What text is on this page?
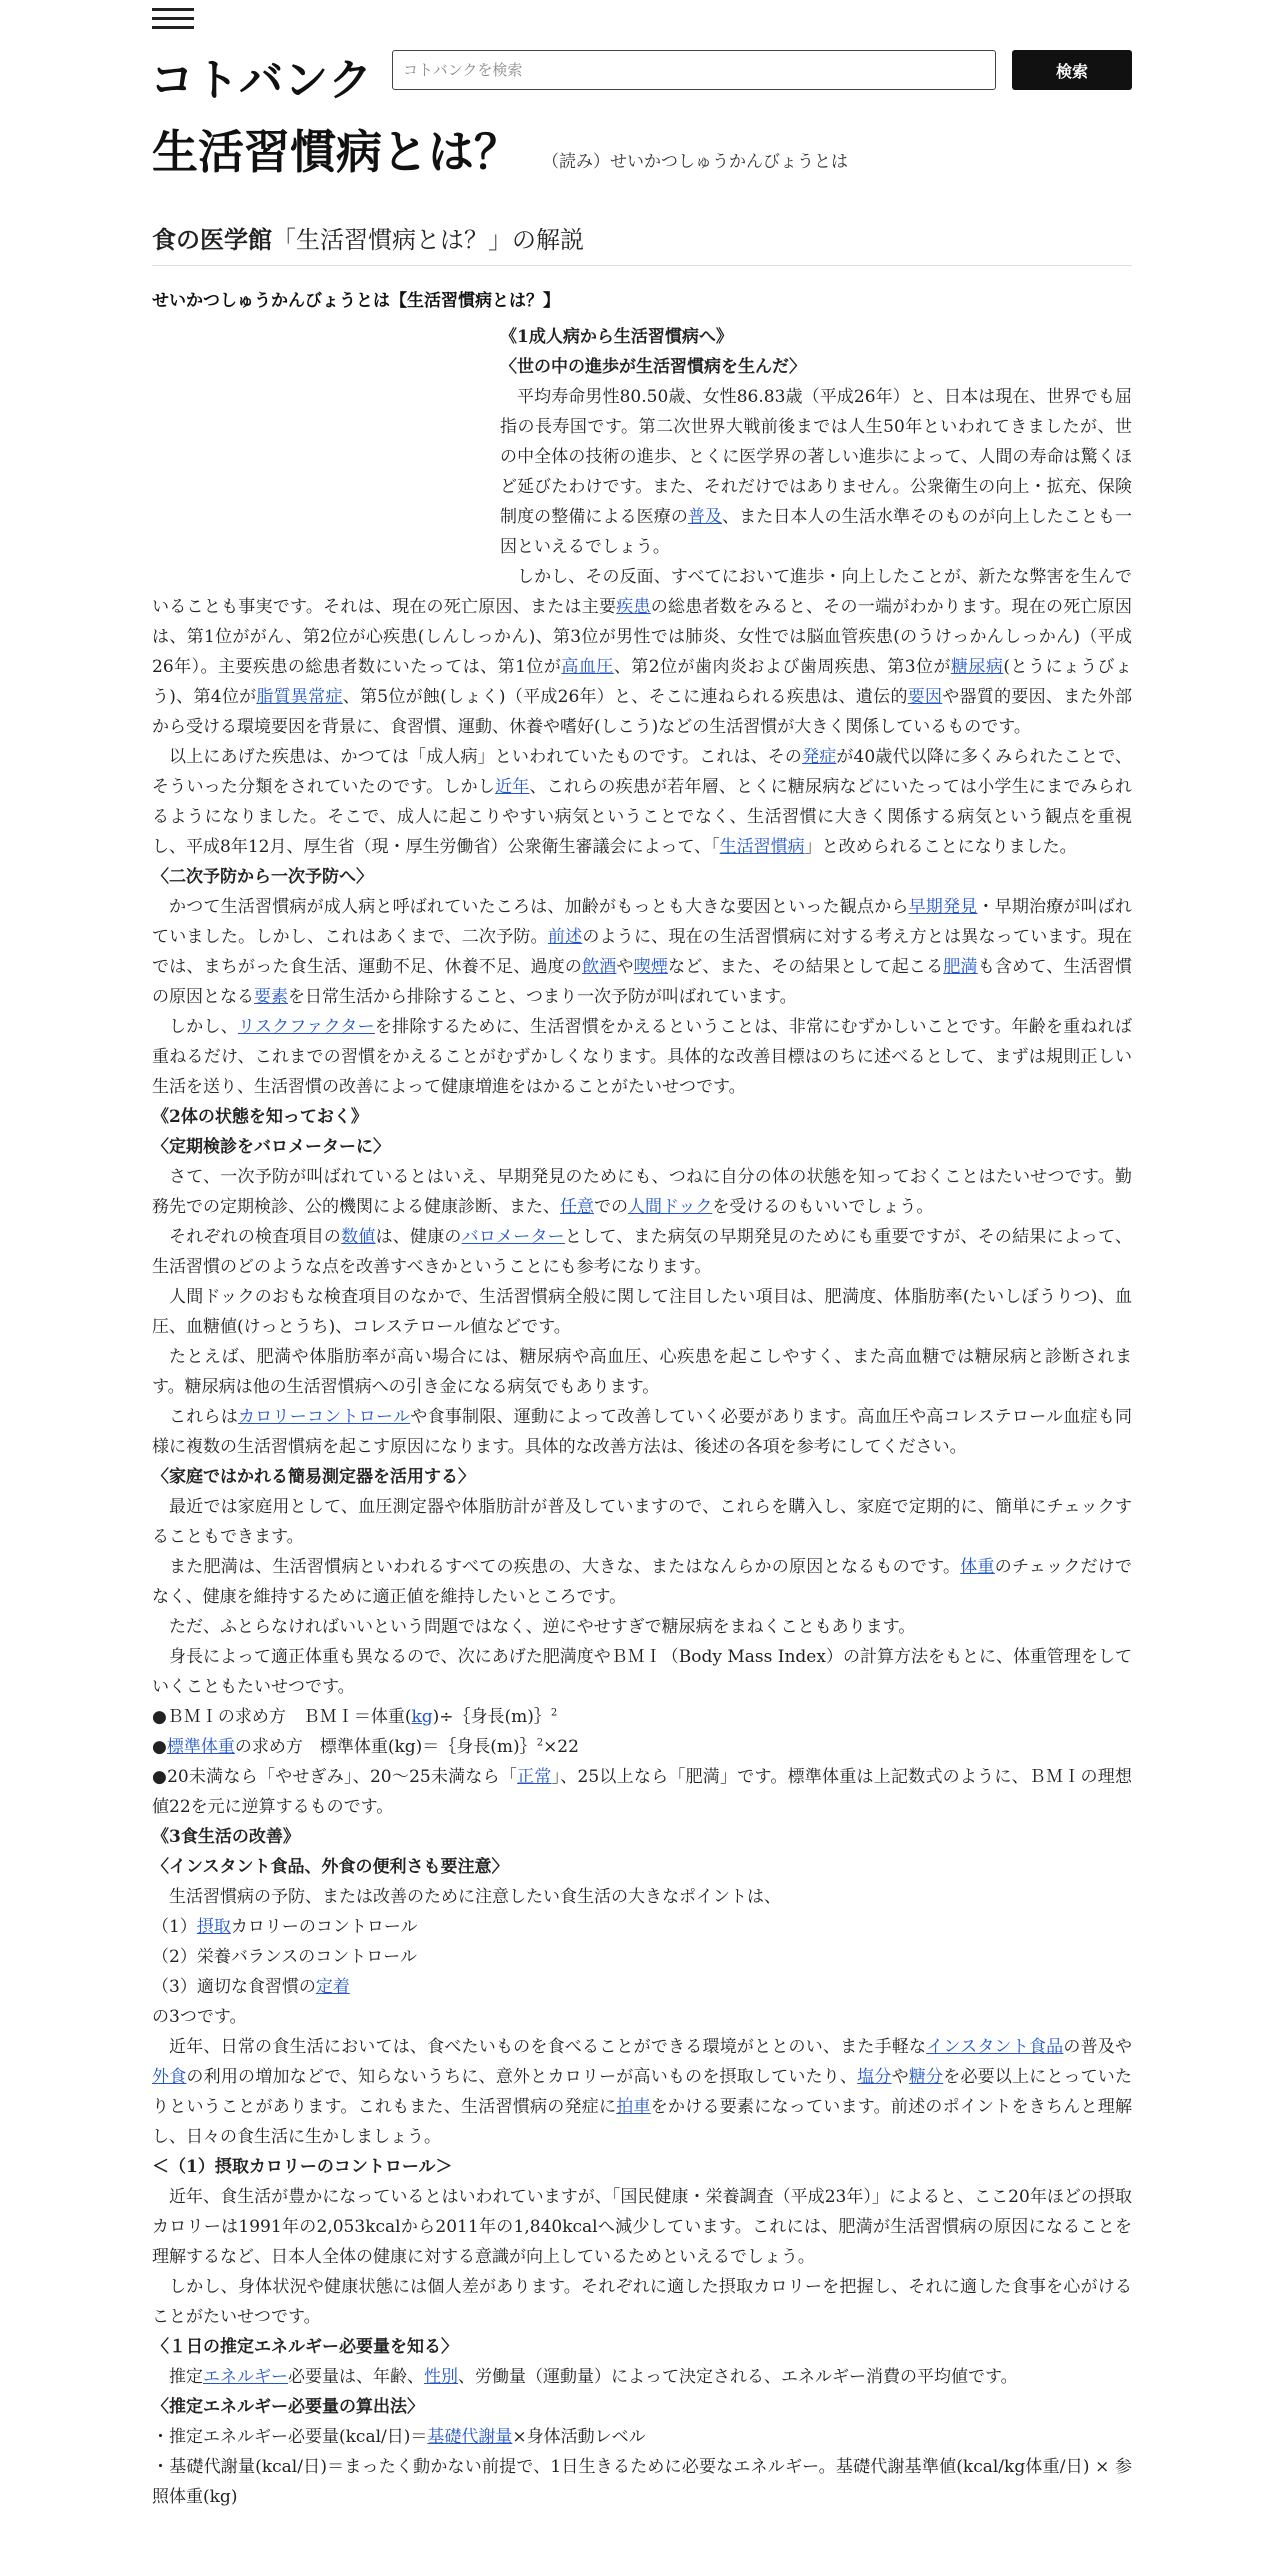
コトバンク
コトバンクを検索	検索
生活習慣病とは？ （読み）せいかつしゅうかんびょうとは
食の医学館「生活習慣病とは？」の解説
せいかつしゅうかんびょうとは【生活習慣病とは？】

《1成人病から生活習慣病へ》

〈世の中の進歩が生活習慣病を生んだ〉

平均寿命男性80.50歳、女性86.83歳（平成26年）と、日本は現在、世界でも屈指の長寿国です。第二次世界大戦前後までは人生50年といわれてきましたが、世の中全体の技術の進歩、とくに医学界の著しい進歩によって、人間の寿命は驚くほど延びたわけです。また、それだけではありません。公衆衛生の向上・拡充、保険制度の整備による医療の普及、また日本人の生活水準そのものが向上したことも一因といえるでしょう。

しかし、その反面、すべてにおいて進歩・向上したことが、新たな弊害を生んでいることも事実です。それは、現在の死亡原因、または主要疾患の総患者数をみると、その一端がわかります。現在の死亡原因は、第1位ががん、第2位が心疾患(しんしっかん)、第3位が男性では肺炎、女性では脳血管疾患(のうけっかんしっかん)（平成26年）。主要疾患の総患者数にいたっては、第1位が高血圧、第2位が歯肉炎および歯周疾患、第3位が糖尿病(とうにょうびょう)、第4位が脂質異常症、第5位が蝕(しょく)（平成26年）と、そこに連ねられる疾患は、遺伝的要因や器質的要因、また外部から受ける環境要因を背景に、食習慣、運動、休養や嗜好(しこう)などの生活習慣が大きく関係しているものです。

以上にあげた疾患は、かつては「成人病」といわれていたものです。これは、その発症が40歳代以降に多くみられたことで、そういった分類をされていたのです。しかし近年、これらの疾患が若年層、とくに糖尿病などにいたっては小学生にまでみられるようになりました。そこで、成人に起こりやすい病気ということでなく、生活習慣に大きく関係する病気という観点を重視し、平成8年12月、厚生省（現・厚生労働省）公衆衛生審議会によって、「生活習慣病」と改められることになりました。

〈二次予防から一次予防へ〉

かつて生活習慣病が成人病と呼ばれていたころは、加齢がもっとも大きな要因といった観点から早期発見・早期治療が叫ばれていました。しかし、これはあくまで、二次予防。前述のように、現在の生活習慣病に対する考え方とは異なっています。現在では、まちがった食生活、運動不足、休養不足、過度の飲酒や喫煙など、また、その結果として起こる肥満も含めて、生活習慣の原因となる要素を日常生活から排除すること、つまり一次予防が叫ばれています。

しかし、リスクファクターを排除するために、生活習慣をかえるということは、非常にむずかしいことです。年齢を重ねれば重ねるだけ、これまでの習慣をかえることがむずかしくなります。具体的な改善目標はのちに述べるとして、まずは規則正しい生活を送り、生活習慣の改善によって健康増進をはかることがたいせつです。

《2体の状態を知っておく》

〈定期検診をバロメーターに〉

さて、一次予防が叫ばれているとはいえ、早期発見のためにも、つねに自分の体の状態を知っておくことはたいせつです。勤務先での定期検診、公的機関による健康診断、また、任意での人間ドックを受けるのもいいでしょう。

それぞれの検査項目の数値は、健康のバロメーターとして、また病気の早期発見のためにも重要ですが、その結果によって、生活習慣のどのような点を改善すべきかということにも参考になります。

人間ドックのおもな検査項目のなかで、生活習慣病全般に関して注目したい項目は、肥満度、体脂肪率(たいしぼうりつ)、血圧、血糖値(けっとうち)、コレステロール値などです。

たとえば、肥満や体脂肪率が高い場合には、糖尿病や高血圧、心疾患を起こしやすく、また高血糖では糖尿病と診断されます。糖尿病は他の生活習慣病への引き金になる病気でもあります。

これらはカロリーコントロールや食事制限、運動によって改善していく必要があります。高血圧や高コレステロール血症も同様に複数の生活習慣病を起こす原因になります。具体的な改善方法は、後述の各項を参考にしてください。

〈家庭ではかれる簡易測定器を活用する〉

最近では家庭用として、血圧測定器や体脂肪計が普及していますので、これらを購入し、家庭で定期的に、簡単にチェックすることもできます。

また肥満は、生活習慣病といわれるすべての疾患の、大きな、またはなんらかの原因となるものです。体重のチェックだけでなく、健康を維持するために適正値を維持したいところです。

ただ、ふとらなければいいという問題ではなく、逆にやせすぎで糖尿病をまねくこともあります。

身長によって適正体重も異なるので、次にあげた肥満度やＢＭＩ（Body Mass Index）の計算方法をもとに、体重管理をしていくこともたいせつです。

●ＢＭＩの求め方　ＢＭＩ＝体重(kg)÷｛身長(m)｝$^2$

●標準体重の求め方　標準体重(kg)＝｛身長(m)｝$^2$×22

●20未満なら「やせぎみ」、20～25未満なら「正常」、25以上なら「肥満」です。標準体重は上記数式のように、ＢＭＩの理想値22を元に逆算するものです。

《3食生活の改善》

〈インスタント食品、外食の便利さも要注意〉

生活習慣病の予防、または改善のために注意したい食生活の大きなポイントは、

（1）摂取カロリーのコントロール

（2）栄養バランスのコントロール

（3）適切な食習慣の定着

の3つです。

近年、日常の食生活においては、食べたいものを食べることができる環境がととのい、また手軽なインスタント食品の普及や外食の利用の増加などで、知らないうちに、意外とカロリーが高いものを摂取していたり、塩分や糖分を必要以上にとっていたりということがあります。これもまた、生活習慣病の発症に拍車をかける要素になっています。前述のポイントをきちんと理解し、日々の食生活に生かしましょう。

＜（1）摂取カロリーのコントロール＞

近年、食生活が豊かになっているとはいわれていますが、「国民健康・栄養調査（平成23年）」によると、ここ20年ほどの摂取カロリーは1991年の2,053kcalから2011年の1,840kcalへ減少しています。これには、肥満が生活習慣病の原因になることを理解するなど、日本人全体の健康に対する意識が向上しているためといえるでしょう。

しかし、身体状況や健康状態には個人差があります。それぞれに適した摂取カロリーを把握し、それに適した食事を心がけることがたいせつです。

〈１日の推定エネルギー必要量を知る〉

推定エネルギー必要量は、年齢、性別、労働量（運動量）によって決定される、エネルギー消費の平均値です。

〈推定エネルギー必要量の算出法〉

・推定エネルギー必要量(kcal/日)＝基礎代謝量×身体活動レベル

・基礎代謝量(kcal/日)＝まったく動かない前提で、1日生きるために必要なエネルギー。基礎代謝基準値(kcal/kg体重/日) × 参照体重(kg)
